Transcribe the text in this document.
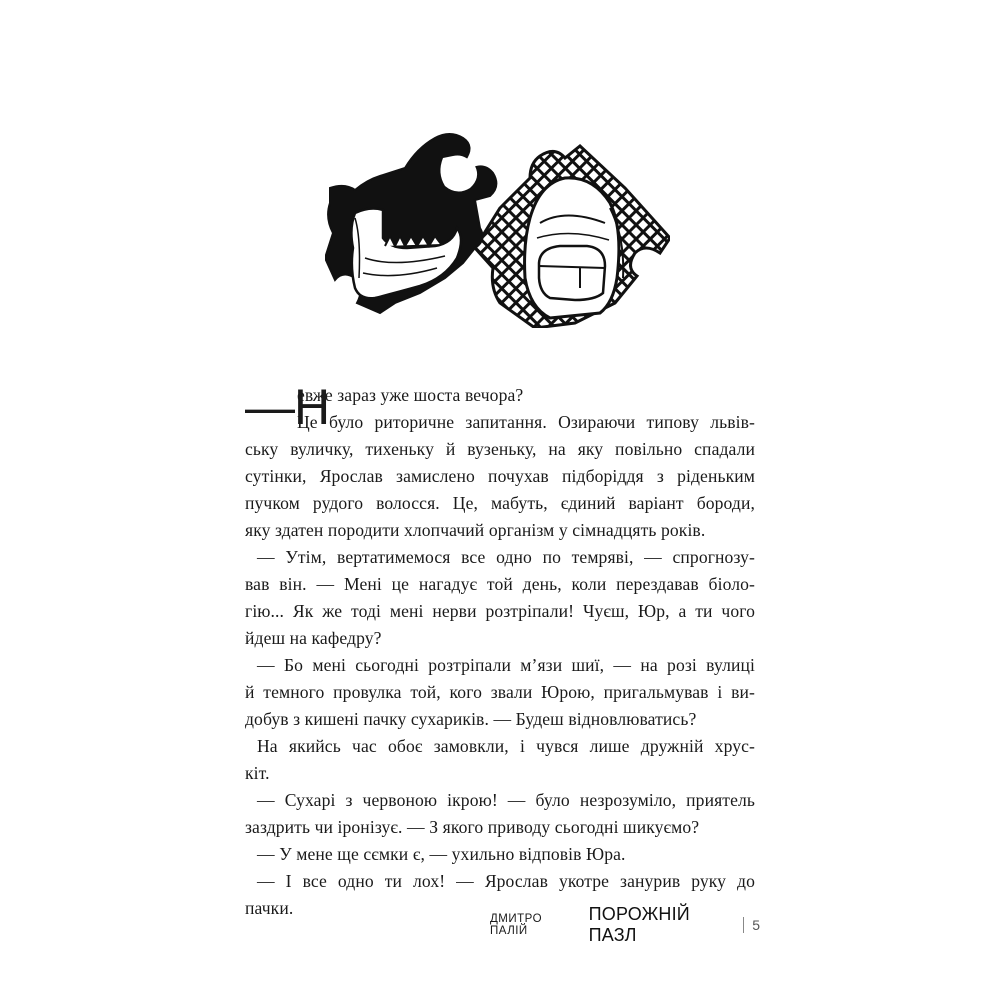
—Н
евже зараз уже шоста вечора?
Це було риторичне запитання. Озираючи типову львів-
ську вуличку, тихеньку й вузеньку, на яку повільно спадали
сутінки, Ярослав замислено почухав підборіддя з ріденьким
пучком рудого волосся. Це, мабуть, єдиний варіант бороди,
яку здатен породити хлопчачий організм у сімнадцять років.
— Утім, вертатимемося все одно по темряві, — спрогнозу-
вав він. — Мені це нагадує той день, коли перездавав біоло-
гію... Як же тоді мені нерви розтріпали! Чуєш, Юр, а ти чого
йдеш на кафедру?
— Бо мені сьогодні розтріпали м’язи шиї, — на розі вулиці
й темного провулка той, кого звали Юрою, пригальмував і ви-
добув з кишені пачку сухариків. — Будеш відновлюватись?
На якийсь час обоє замовкли, і чувся лише дружній хрус-
кіт.
— Сухарі з червоною ікрою! — було незрозуміло, приятель
заздрить чи іронізує. — З якого приводу сьогодні шикуємо?
— У мене ще сємки є, — ухильно відповів Юра.
— І все одно ти лох! — Ярослав укотре занурив руку до
пачки.
ДМИТРО ПАЛІЙ
ПОРОЖНІЙ ПАЗЛ	5
